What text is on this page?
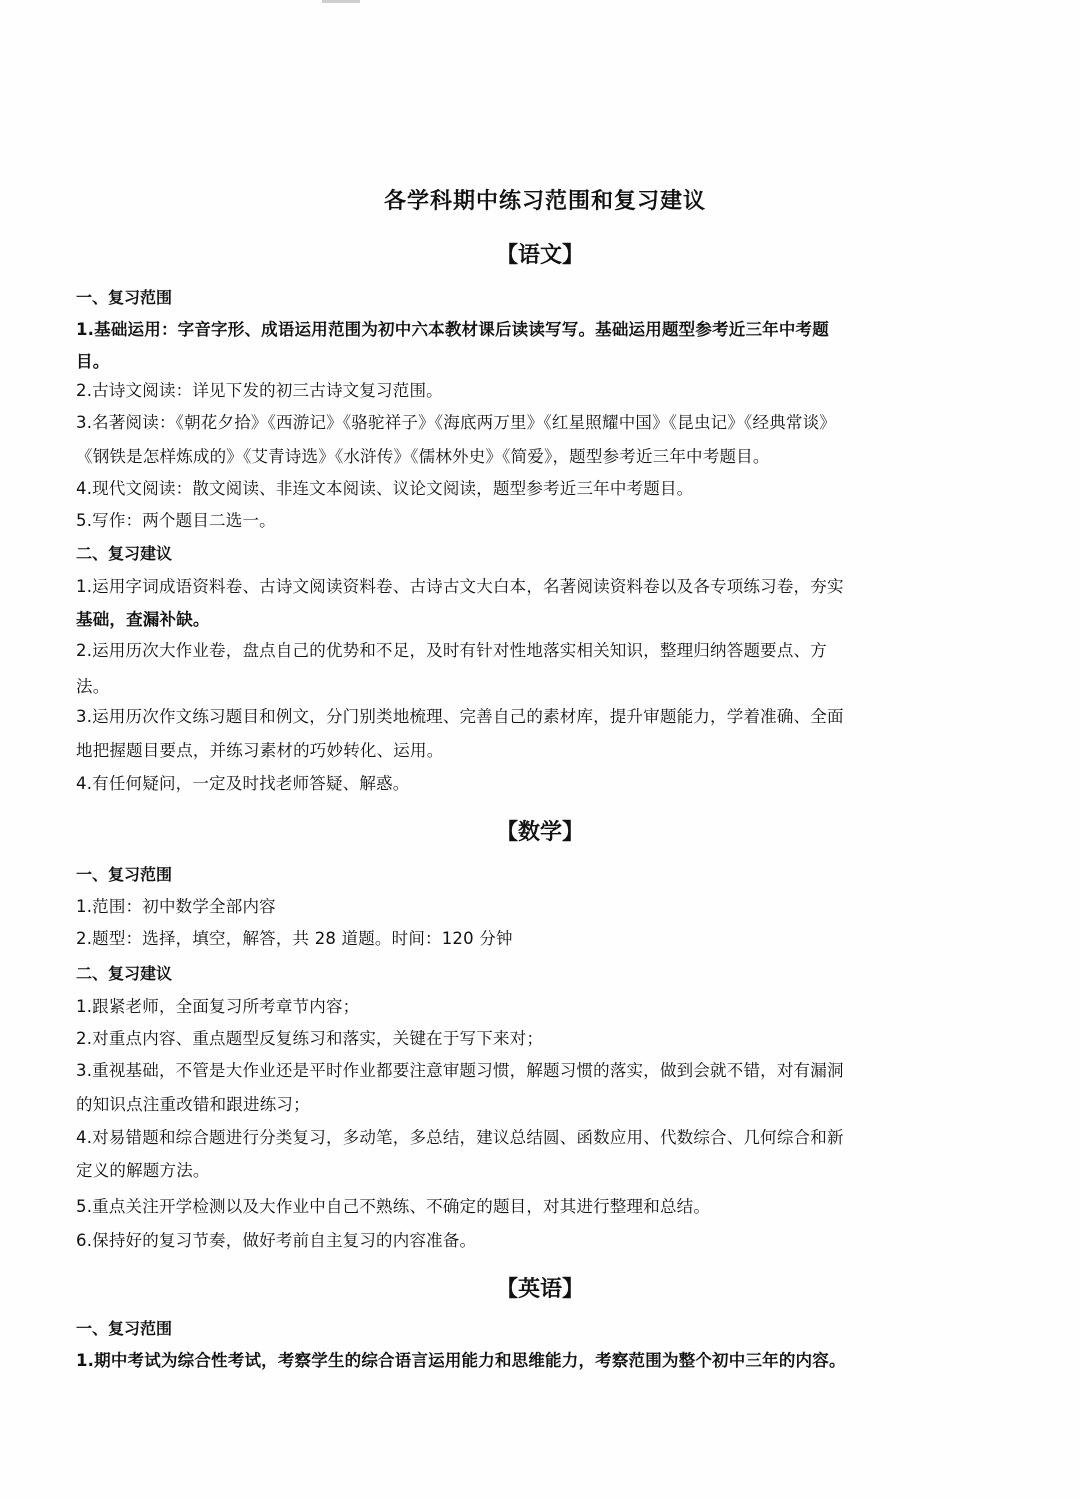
各学科期中练习范围和复习建议
【语文】
一、复习范围
1.基础运用：字音字形、成语运用范围为初中六本教材课后读读写写。基础运用题型参考近三年中考题
目。
2.古诗文阅读：详见下发的初三古诗文复习范围。
3.名著阅读：《朝花夕拾》《西游记》《骆驼祥子》《海底两万里》《红星照耀中国》《昆虫记》《经典常谈》
《钢铁是怎样炼成的》《艾青诗选》《水浒传》《儒林外史》《简爱》，题型参考近三年中考题目。
4.现代文阅读：散文阅读、非连文本阅读、议论文阅读，题型参考近三年中考题目。
5.写作：两个题目二选一。
二、复习建议
1.运用字词成语资料卷、古诗文阅读资料卷、古诗古文大白本，名著阅读资料卷以及各专项练习卷，夯实
基础，查漏补缺。
2.运用历次大作业卷，盘点自己的优势和不足，及时有针对性地落实相关知识，整理归纳答题要点、方
法。
3.运用历次作文练习题目和例文，分门别类地梳理、完善自己的素材库，提升审题能力，学着准确、全面
地把握题目要点，并练习素材的巧妙转化、运用。
4.有任何疑问，一定及时找老师答疑、解惑。
【数学】
一、复习范围
1.范围：初中数学全部内容
2.题型：选择，填空，解答，共 28 道题。时间：120 分钟
二、复习建议
1.跟紧老师，全面复习所考章节内容；
2.对重点内容、重点题型反复练习和落实，关键在于写下来对；
3.重视基础，不管是大作业还是平时作业都要注意审题习惯，解题习惯的落实，做到会就不错，对有漏洞
的知识点注重改错和跟进练习；
4.对易错题和综合题进行分类复习，多动笔，多总结，建议总结圆、函数应用、代数综合、几何综合和新
定义的解题方法。
5.重点关注开学检测以及大作业中自己不熟练、不确定的题目，对其进行整理和总结。
6.保持好的复习节奏，做好考前自主复习的内容准备。
【英语】
一、复习范围
1.期中考试为综合性考试，考察学生的综合语言运用能力和思维能力，考察范围为整个初中三年的内容。
